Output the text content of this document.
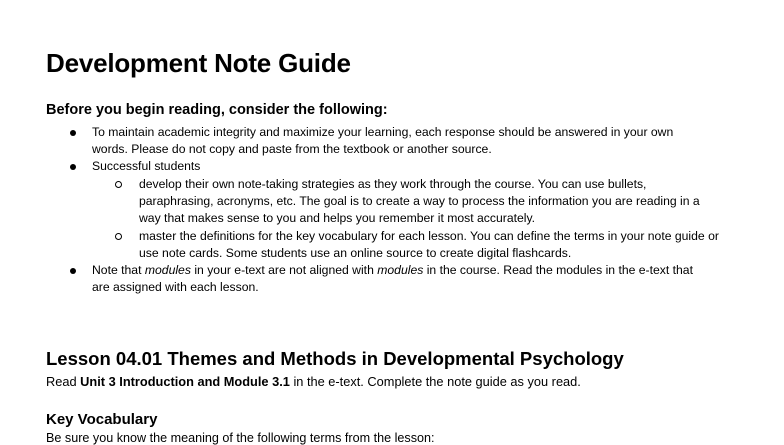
Development Note Guide
Before you begin reading, consider the following:
To maintain academic integrity and maximize your learning, each response should be answered in your own words. Please do not copy and paste from the textbook or another source.
Successful students
develop their own note-taking strategies as they work through the course. You can use bullets, paraphrasing, acronyms, etc. The goal is to create a way to process the information you are reading in a way that makes sense to you and helps you remember it most accurately.
master the definitions for the key vocabulary for each lesson. You can define the terms in your note guide or use note cards. Some students use an online source to create digital flashcards.
Note that modules in your e-text are not aligned with modules in the course. Read the modules in the e-text that are assigned with each lesson.
Lesson 04.01 Themes and Methods in Developmental Psychology
Read Unit 3 Introduction and Module 3.1 in the e-text. Complete the note guide as you read.
Key Vocabulary
Be sure you know the meaning of the following terms from the lesson:
